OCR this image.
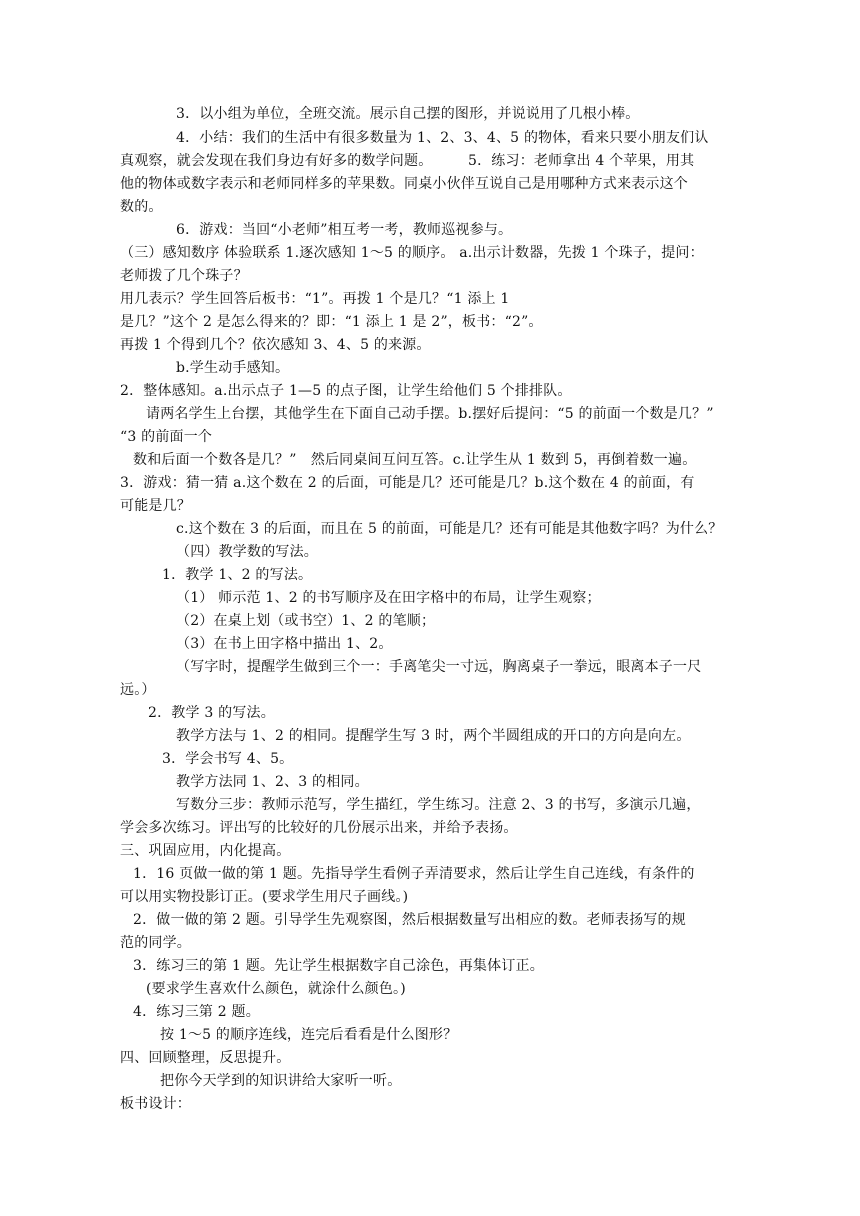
3．以小组为单位，全班交流。展示自己摆的图形，并说说用了几根小棒。
4．小结：我们的生活中有很多数量为 1、2、3、4、5 的物体，看来只要小朋友们认
真观察，就会发现在我们身边有好多的数学问题。　　　5．练习：老师拿出 4 个苹果，用其
他的物体或数字表示和老师同样多的苹果数。同桌小伙伴互说自己是用哪种方式来表示这个
数的。
6．游戏：当回“小老师”相互考一考，教师巡视参与。
（三）感知数序 体验联系 1.逐次感知 1～5 的顺序。 a.出示计数器，先拨 1 个珠子，提问：
老师拨了几个珠子？
用几表示？学生回答后板书：“1”。再拨 1 个是几？“1 添上 1
是几？”这个 2 是怎么得来的？即：“1 添上 1 是 2”，板书：“2”。
再拨 1 个得到几个？依次感知 3、4、5 的来源。
b.学生动手感知。
2．整体感知。a.出示点子 1—5 的点子图，让学生给他们 5 个排排队。
请两名学生上台摆，其他学生在下面自己动手摆。b.摆好后提问：“5 的前面一个数是几？”
“3 的前面一个
数和后面一个数各是几？”　然后同桌间互问互答。c.让学生从 1 数到 5，再倒着数一遍。
3．游戏：猜一猜 a.这个数在 2 的后面，可能是几？还可能是几？b.这个数在 4 的前面，有
可能是几？
c.这个数在 3 的后面，而且在 5 的前面，可能是几？还有可能是其他数字吗？为什么？
（四）教学数的写法。
1．教学 1、2 的写法。
（1） 师示范 1、2 的书写顺序及在田字格中的布局，让学生观察；
（2）在桌上划（或书空）1、2 的笔顺；
（3）在书上田字格中描出 1、2。
（写字时，提醒学生做到三个一：手离笔尖一寸远，胸离桌子一拳远，眼离本子一尺
远。）
2．教学 3 的写法。
教学方法与 1、2 的相同。提醒学生写 3 时，两个半圆组成的开口的方向是向左。
3．学会书写 4、5。
教学方法同 1、2、3 的相同。
写数分三步：教师示范写，学生描红，学生练习。注意 2、3 的书写，多演示几遍，
学会多次练习。评出写的比较好的几份展示出来，并给予表扬。
三、巩固应用，内化提高。
1．16 页做一做的第 1 题。先指导学生看例子弄清要求，然后让学生自己连线，有条件的
可以用实物投影订正。(要求学生用尺子画线。)
2．做一做的第 2 题。引导学生先观察图，然后根据数量写出相应的数。老师表扬写的规
范的同学。
3．练习三的第 1 题。先让学生根据数字自己涂色，再集体订正。
(要求学生喜欢什么颜色，就涂什么颜色。)
4．练习三第 2 题。
按 1～5 的顺序连线，连完后看看是什么图形？
四、回顾整理，反思提升。
把你今天学到的知识讲给大家听一听。
板书设计：
